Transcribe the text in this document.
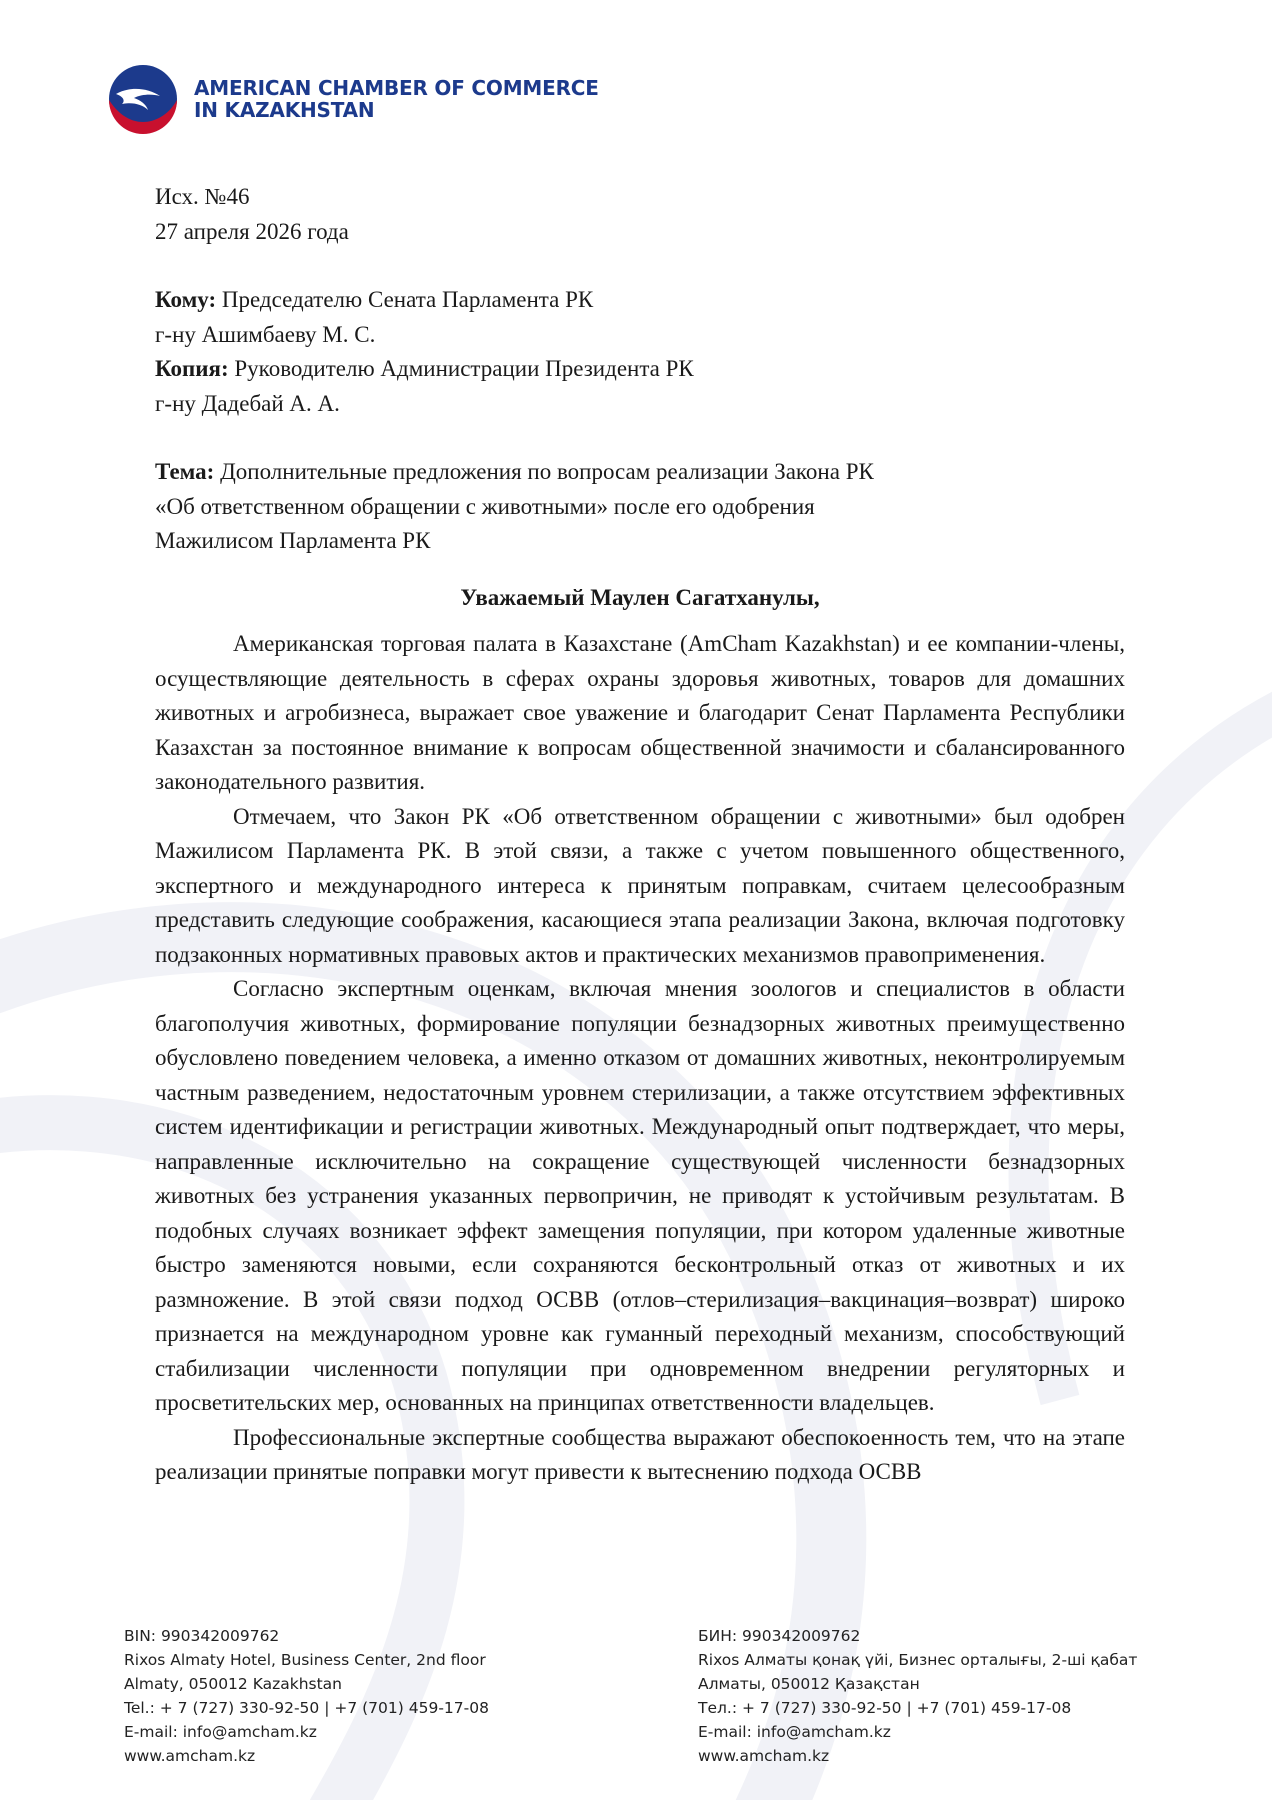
AMERICAN CHAMBER OF COMMERCE
IN KAZAKHSTAN

Исх. №46

27 апреля 2026 года

Кому: Председателю Сената Парламента РК

г-ну Ашимбаеву М. С.

Копия: Руководителю Администрации Президента РК

г-ну Дадебай А. А.

Тема: Дополнительные предложения по вопросам реализации Закона РК

«Об ответственном обращении с животными» после его одобрения

Мажилисом Парламента РК

Уважаемый Маулен Сагатханулы,

Американская торговая палата в Казахстане (AmCham Kazakhstan) и ее компании-члены, осуществляющие деятельность в сферах охраны здоровья животных, товаров для домашних животных и агробизнеса, выражает свое уважение и благодарит Сенат Парламента Республики Казахстан за постоянное внимание к вопросам общественной значимости и сбалансированного законодательного развития.

Отмечаем, что Закон РК «Об ответственном обращении с животными» был одобрен Мажилисом Парламента РК. В этой связи, а также с учетом повышенного общественного, экспертного и международного интереса к принятым поправкам, считаем целесообразным представить следующие соображения, касающиеся этапа реализации Закона, включая подготовку подзаконных нормативных правовых актов и практических механизмов правоприменения.

Согласно экспертным оценкам, включая мнения зоологов и специалистов в области благополучия животных, формирование популяции безнадзорных животных преимущественно обусловлено поведением человека, а именно отказом от домашних животных, неконтролируемым частным разведением, недостаточным уровнем стерилизации, а также отсутствием эффективных систем идентификации и регистрации животных. Международный опыт подтверждает, что меры, направленные исключительно на сокращение существующей численности безнадзорных животных без устранения указанных первопричин, не приводят к устойчивым результатам. В подобных случаях возникает эффект замещения популяции, при котором удаленные животные быстро заменяются новыми, если сохраняются бесконтрольный отказ от животных и их размножение. В этой связи подход ОСВВ (отлов–стерилизация–вакцинация–возврат) широко признается на международном уровне как гуманный переходный механизм, способствующий стабилизации численности популяции при одновременном внедрении регуляторных и просветительских мер, основанных на принципах ответственности владельцев.

Профессиональные экспертные сообщества выражают обеспокоенность тем, что на этапе реализации принятые поправки могут привести к вытеснению подхода ОСВВ

BIN: 990342009762
Rixos Almaty Hotel, Business Center, 2nd floor
Almaty, 050012 Kazakhstan
Tel.: + 7 (727) 330-92-50 | +7 (701) 459-17-08
E-mail: info@amcham.kz
www.amcham.kz
БИН: 990342009762
Rixos Алматы қонақ үйі, Бизнес орталығы, 2-ші қабат
Алматы, 050012 Қазақстан
Тел.: + 7 (727) 330-92-50 | +7 (701) 459-17-08
E-mail: info@amcham.kz
www.amcham.kz
